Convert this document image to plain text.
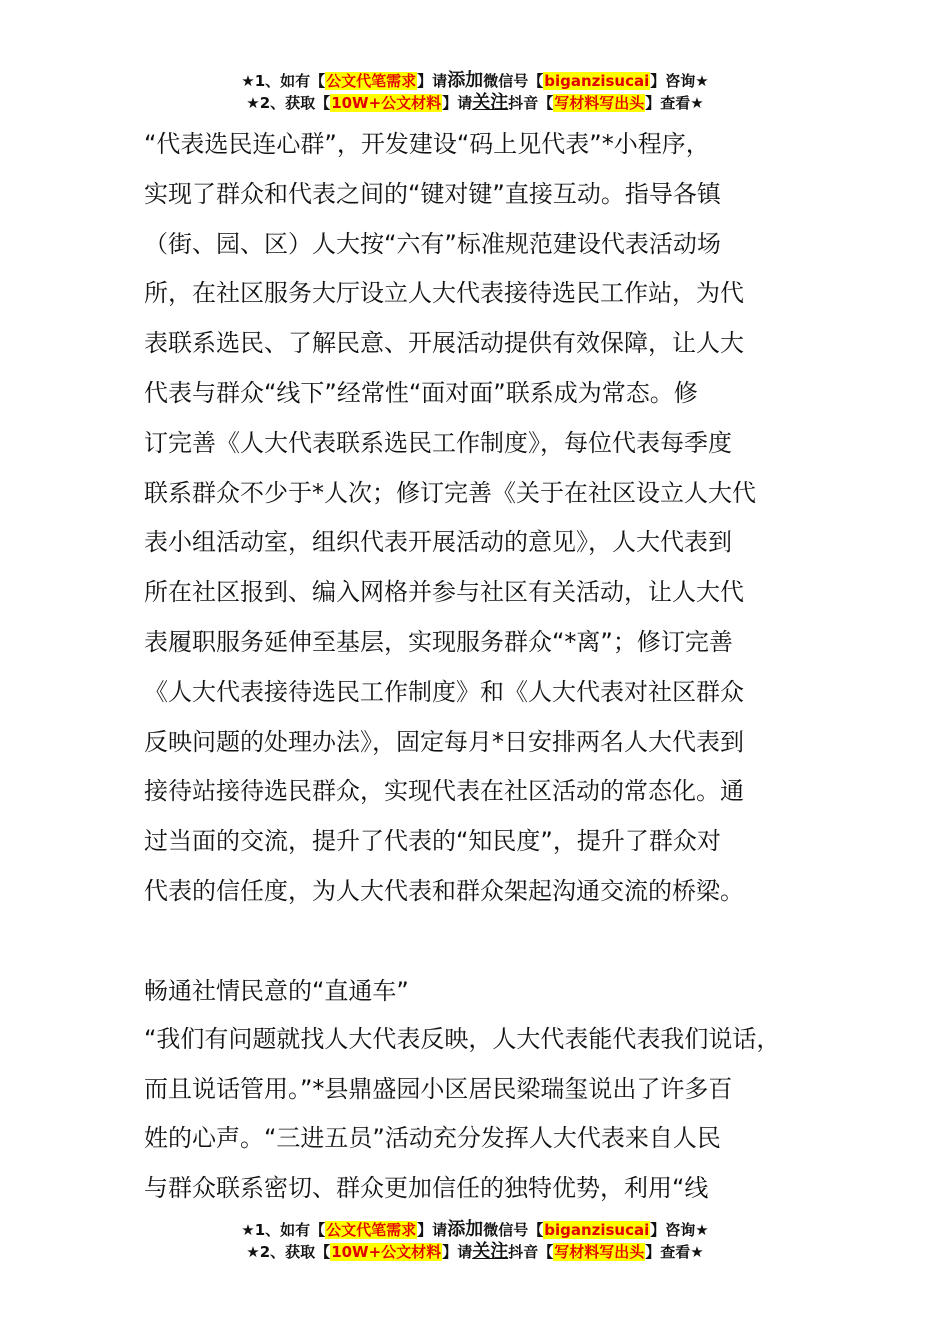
★1、如有【公文代笔需求】请添加微信号【biganzisucai】咨询★
★2、获取【10W+公文材料】请关注抖音【写材料写出头】查看★

“代表选民连心群”，开发建设“码上见代表”*小程序，

实现了群众和代表之间的“键对键”直接互动。指导各镇

（街、园、区）人大按“六有”标准规范建设代表活动场

所，在社区服务大厅设立人大代表接待选民工作站，为代

表联系选民、了解民意、开展活动提供有效保障，让人大

代表与群众“线下”经常性“面对面”联系成为常态。修

订完善《人大代表联系选民工作制度》，每位代表每季度

联系群众不少于*人次；修订完善《关于在社区设立人大代

表小组活动室，组织代表开展活动的意见》，人大代表到

所在社区报到、编入网格并参与社区有关活动，让人大代

表履职服务延伸至基层，实现服务群众“*离”；修订完善

《人大代表接待选民工作制度》和《人大代表对社区群众

反映问题的处理办法》，固定每月*日安排两名人大代表到

接待站接待选民群众，实现代表在社区活动的常态化。通

过当面的交流，提升了代表的“知民度”，提升了群众对

代表的信任度，为人大代表和群众架起沟通交流的桥梁。

畅通社情民意的“直通车”

“我们有问题就找人大代表反映，人大代表能代表我们说话，

而且说话管用。”*县鼎盛园小区居民梁瑞玺说出了许多百

姓的心声。“三进五员”活动充分发挥人大代表来自人民

与群众联系密切、群众更加信任的独特优势，利用“线

★1、如有【公文代笔需求】请添加微信号【biganzisucai】咨询★
★2、获取【10W+公文材料】请关注抖音【写材料写出头】查看★
